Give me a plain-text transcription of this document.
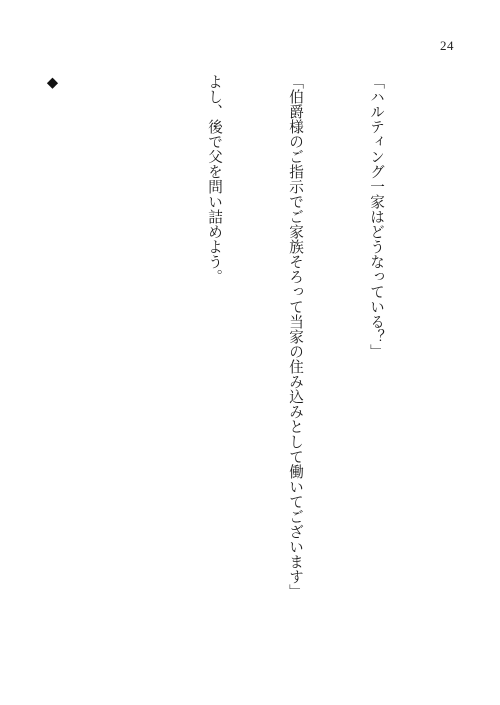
24

「ハルティング一家はどうなっている？」

「伯爵様のご指示でご家族そろって当家の住み込みとして働いてございます」

よし、後で父を問い詰めよう。

◆
